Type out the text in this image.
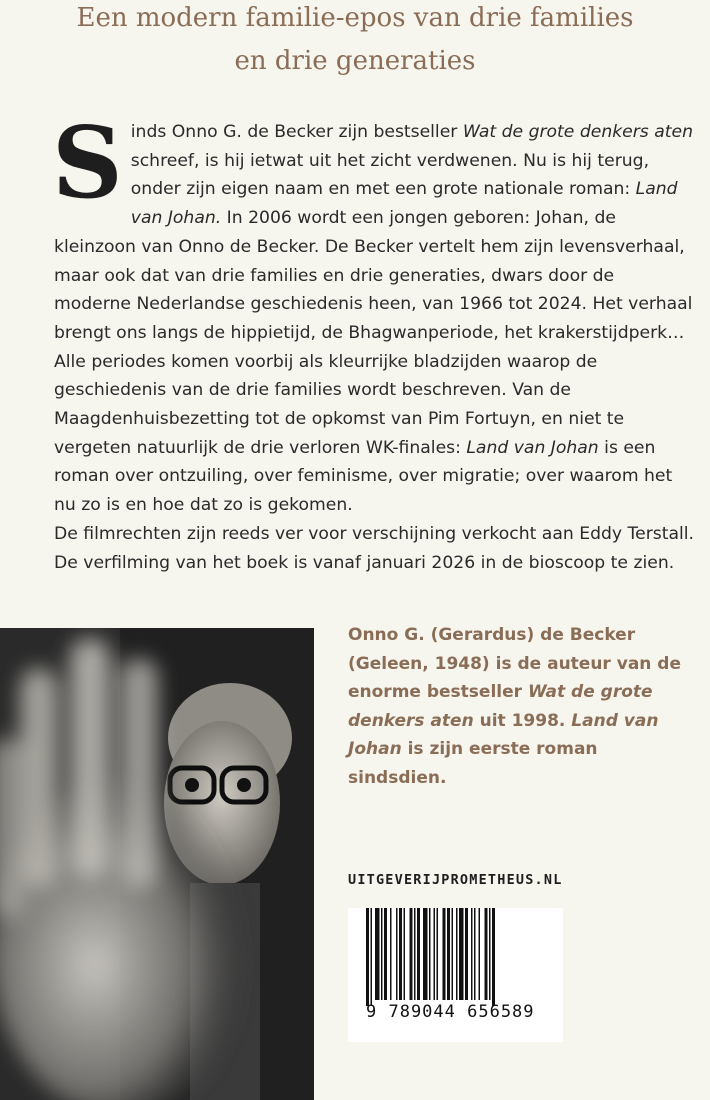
Een modern familie-epos van drie families
en drie generaties

Sinds Onno G. de Becker zijn bestseller Wat de grote denkers aten schreef, is hij ietwat uit het zicht verdwenen. Nu is hij terug, onder zijn eigen naam en met een grote nationale roman: Land van Johan. In 2006 wordt een jongen geboren: Johan, de kleinzoon van Onno de Becker. De Becker vertelt hem zijn levensverhaal, maar ook dat van drie families en drie generaties, dwars door de moderne Nederlandse geschiedenis heen, van 1966 tot 2024. Het verhaal brengt ons langs de hippietijd, de Bhagwanperiode, het krakerstijdperk… Alle periodes komen voorbij als kleurrijke bladzijden waarop de geschiedenis van de drie families wordt beschreven. Van de Maagdenhuisbezetting tot de opkomst van Pim Fortuyn, en niet te vergeten natuurlijk de drie verloren WK-finales: Land van Johan is een roman over ontzuiling, over feminisme, over migratie; over waarom het nu zo is en hoe dat zo is gekomen.

De filmrechten zijn reeds ver voor verschijning verkocht aan Eddy Terstall. De verfilming van het boek is vanaf januari 2026 in de bioscoop te zien.

Onno G. (Gerardus) de Becker (Geleen, 1948) is de auteur van de enorme bestseller Wat de grote denkers aten uit 1998. Land van Johan is zijn eerste roman sindsdien.

UITGEVERIJPROMETHEUS.NL
9 789044 656589
